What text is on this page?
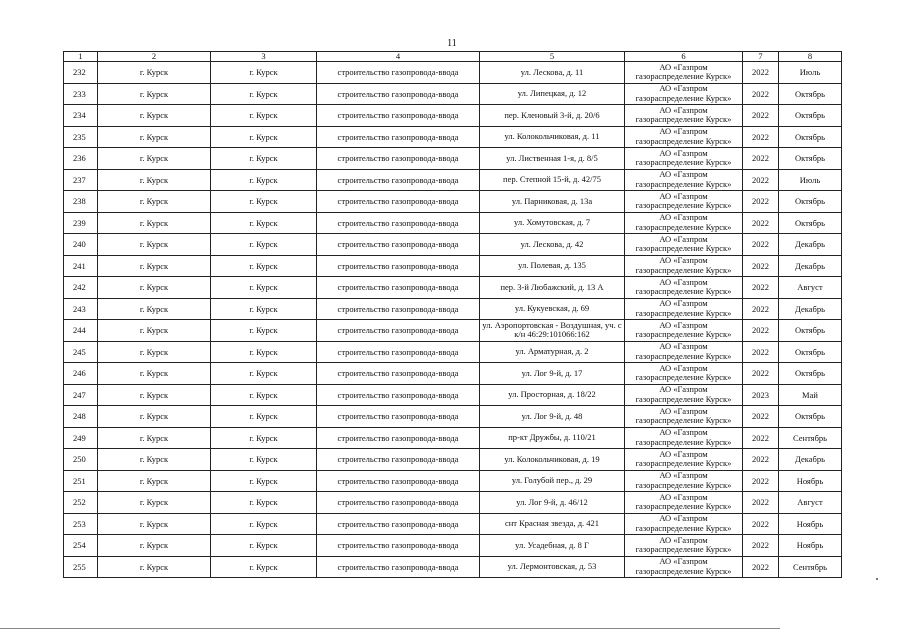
11
1	2	3	4	5	6	7	8
232	г. Курск	г. Курск	строительство газопровода-ввода	ул. Лескова, д. 11	АО «Газпром
газораспределение Курск»	2022	Июль
233	г. Курск	г. Курск	строительство газопровода-ввода	ул. Липецкая, д. 12	АО «Газпром
газораспределение Курск»	2022	Октябрь
234	г. Курск	г. Курск	строительство газопровода-ввода	пер. Кленовый 3-й, д. 20/6	АО «Газпром
газораспределение Курск»	2022	Октябрь
235	г. Курск	г. Курск	строительство газопровода-ввода	ул. Колокольчиковая, д. 11	АО «Газпром
газораспределение Курск»	2022	Октябрь
236	г. Курск	г. Курск	строительство газопровода-ввода	ул. Лиственная 1-я, д. 8/5	АО «Газпром
газораспределение Курск»	2022	Октябрь
237	г. Курск	г. Курск	строительство газопровода-ввода	пер. Степной 15-й, д. 42/75	АО «Газпром
газораспределение Курск»	2022	Июль
238	г. Курск	г. Курск	строительство газопровода-ввода	ул. Парниковая, д. 13а	АО «Газпром
газораспределение Курск»	2022	Октябрь
239	г. Курск	г. Курск	строительство газопровода-ввода	ул. Хомутовская, д. 7	АО «Газпром
газораспределение Курск»	2022	Октябрь
240	г. Курск	г. Курск	строительство газопровода-ввода	ул. Лескова, д. 42	АО «Газпром
газораспределение Курск»	2022	Декабрь
241	г. Курск	г. Курск	строительство газопровода-ввода	ул. Полевая, д. 135	АО «Газпром
газораспределение Курск»	2022	Декабрь
242	г. Курск	г. Курск	строительство газопровода-ввода	пер. 3-й Любажский, д. 13 А	АО «Газпром
газораспределение Курск»	2022	Август
243	г. Курск	г. Курск	строительство газопровода-ввода	ул. Кукуевская, д. 69	АО «Газпром
газораспределение Курск»	2022	Декабрь
244	г. Курск	г. Курск	строительство газопровода-ввода	ул. Аэропортовская - Воздушная, уч. с к/н 46:29:101066:162	АО «Газпром
газораспределение Курск»	2022	Октябрь
245	г. Курск	г. Курск	строительство газопровода-ввода	ул. Арматурная, д. 2	АО «Газпром
газораспределение Курск»	2022	Октябрь
246	г. Курск	г. Курск	строительство газопровода-ввода	ул. Лог 9-й, д. 17	АО «Газпром
газораспределение Курск»	2022	Октябрь
247	г. Курск	г. Курск	строительство газопровода-ввода	ул. Просторная, д. 18/22	АО «Газпром
газораспределение Курск»	2023	Май
248	г. Курск	г. Курск	строительство газопровода-ввода	ул. Лог 9-й, д. 48	АО «Газпром
газораспределение Курск»	2022	Октябрь
249	г. Курск	г. Курск	строительство газопровода-ввода	пр-кт Дружбы, д. 110/21	АО «Газпром
газораспределение Курск»	2022	Сентябрь
250	г. Курск	г. Курск	строительство газопровода-ввода	ул. Колокольчиковая, д. 19	АО «Газпром
газораспределение Курск»	2022	Декабрь
251	г. Курск	г. Курск	строительство газопровода-ввода	ул. Голубой пер., д. 29	АО «Газпром
газораспределение Курск»	2022	Ноябрь
252	г. Курск	г. Курск	строительство газопровода-ввода	ул. Лог 9-й, д. 46/12	АО «Газпром
газораспределение Курск»	2022	Август
253	г. Курск	г. Курск	строительство газопровода-ввода	снт Красная звезда, д. 421	АО «Газпром
газораспределение Курск»	2022	Ноябрь
254	г. Курск	г. Курск	строительство газопровода-ввода	ул. Усадебная, д. 8 Г	АО «Газпром
газораспределение Курск»	2022	Ноябрь
255	г. Курск	г. Курск	строительство газопровода-ввода	ул. Лермонтовская, д. 53	АО «Газпром
газораспределение Курск»	2022	Сентябрь
